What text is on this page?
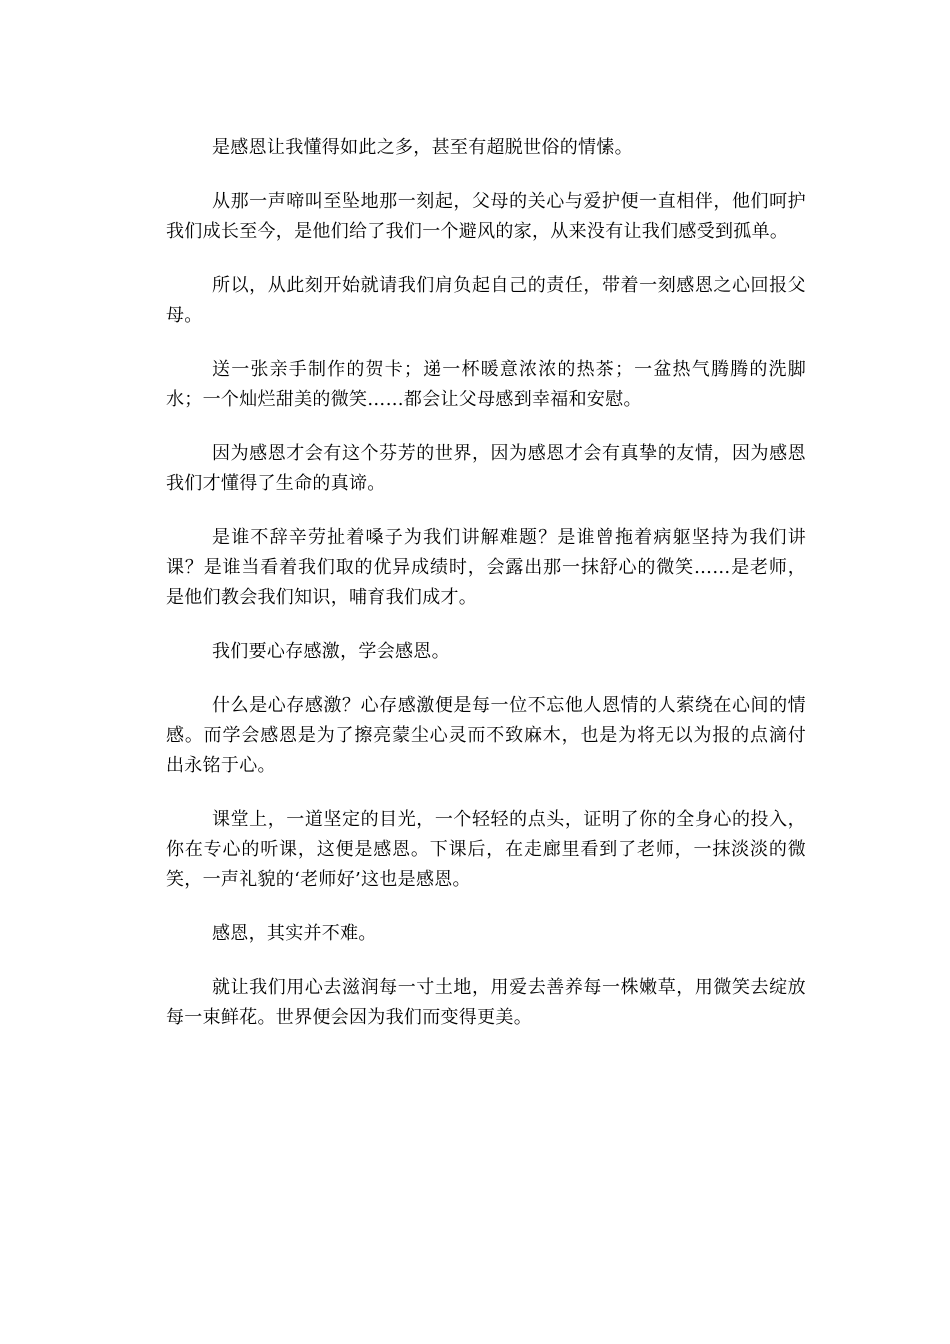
是感恩让我懂得如此之多，甚至有超脱世俗的情愫。

从那一声啼叫至坠地那一刻起，父母的关心与爱护便一直相伴，他们呵护我们成长至今，是他们给了我们一个避风的家，从来没有让我们感受到孤单。

所以，从此刻开始就请我们肩负起自己的责任，带着一刻感恩之心回报父母。

送一张亲手制作的贺卡；递一杯暖意浓浓的热茶；一盆热气腾腾的洗脚水；一个灿烂甜美的微笑……都会让父母感到幸福和安慰。

因为感恩才会有这个芬芳的世界，因为感恩才会有真挚的友情，因为感恩我们才懂得了生命的真谛。

是谁不辞辛劳扯着嗓子为我们讲解难题？是谁曾拖着病躯坚持为我们讲课？是谁当看着我们取的优异成绩时，会露出那一抹舒心的微笑……是老师，是他们教会我们知识，哺育我们成才。

我们要心存感激，学会感恩。

什么是心存感激？心存感激便是每一位不忘他人恩情的人萦绕在心间的情感。而学会感恩是为了擦亮蒙尘心灵而不致麻木，也是为将无以为报的点滴付出永铭于心。

课堂上，一道坚定的目光，一个轻轻的点头，证明了你的全身心的投入，你在专心的听课，这便是感恩。下课后，在走廊里看到了老师，一抹淡淡的微笑，一声礼貌的‘老师好’这也是感恩。

感恩，其实并不难。

就让我们用心去滋润每一寸土地，用爱去善养每一株嫩草，用微笑去绽放每一束鲜花。世界便会因为我们而变得更美。
